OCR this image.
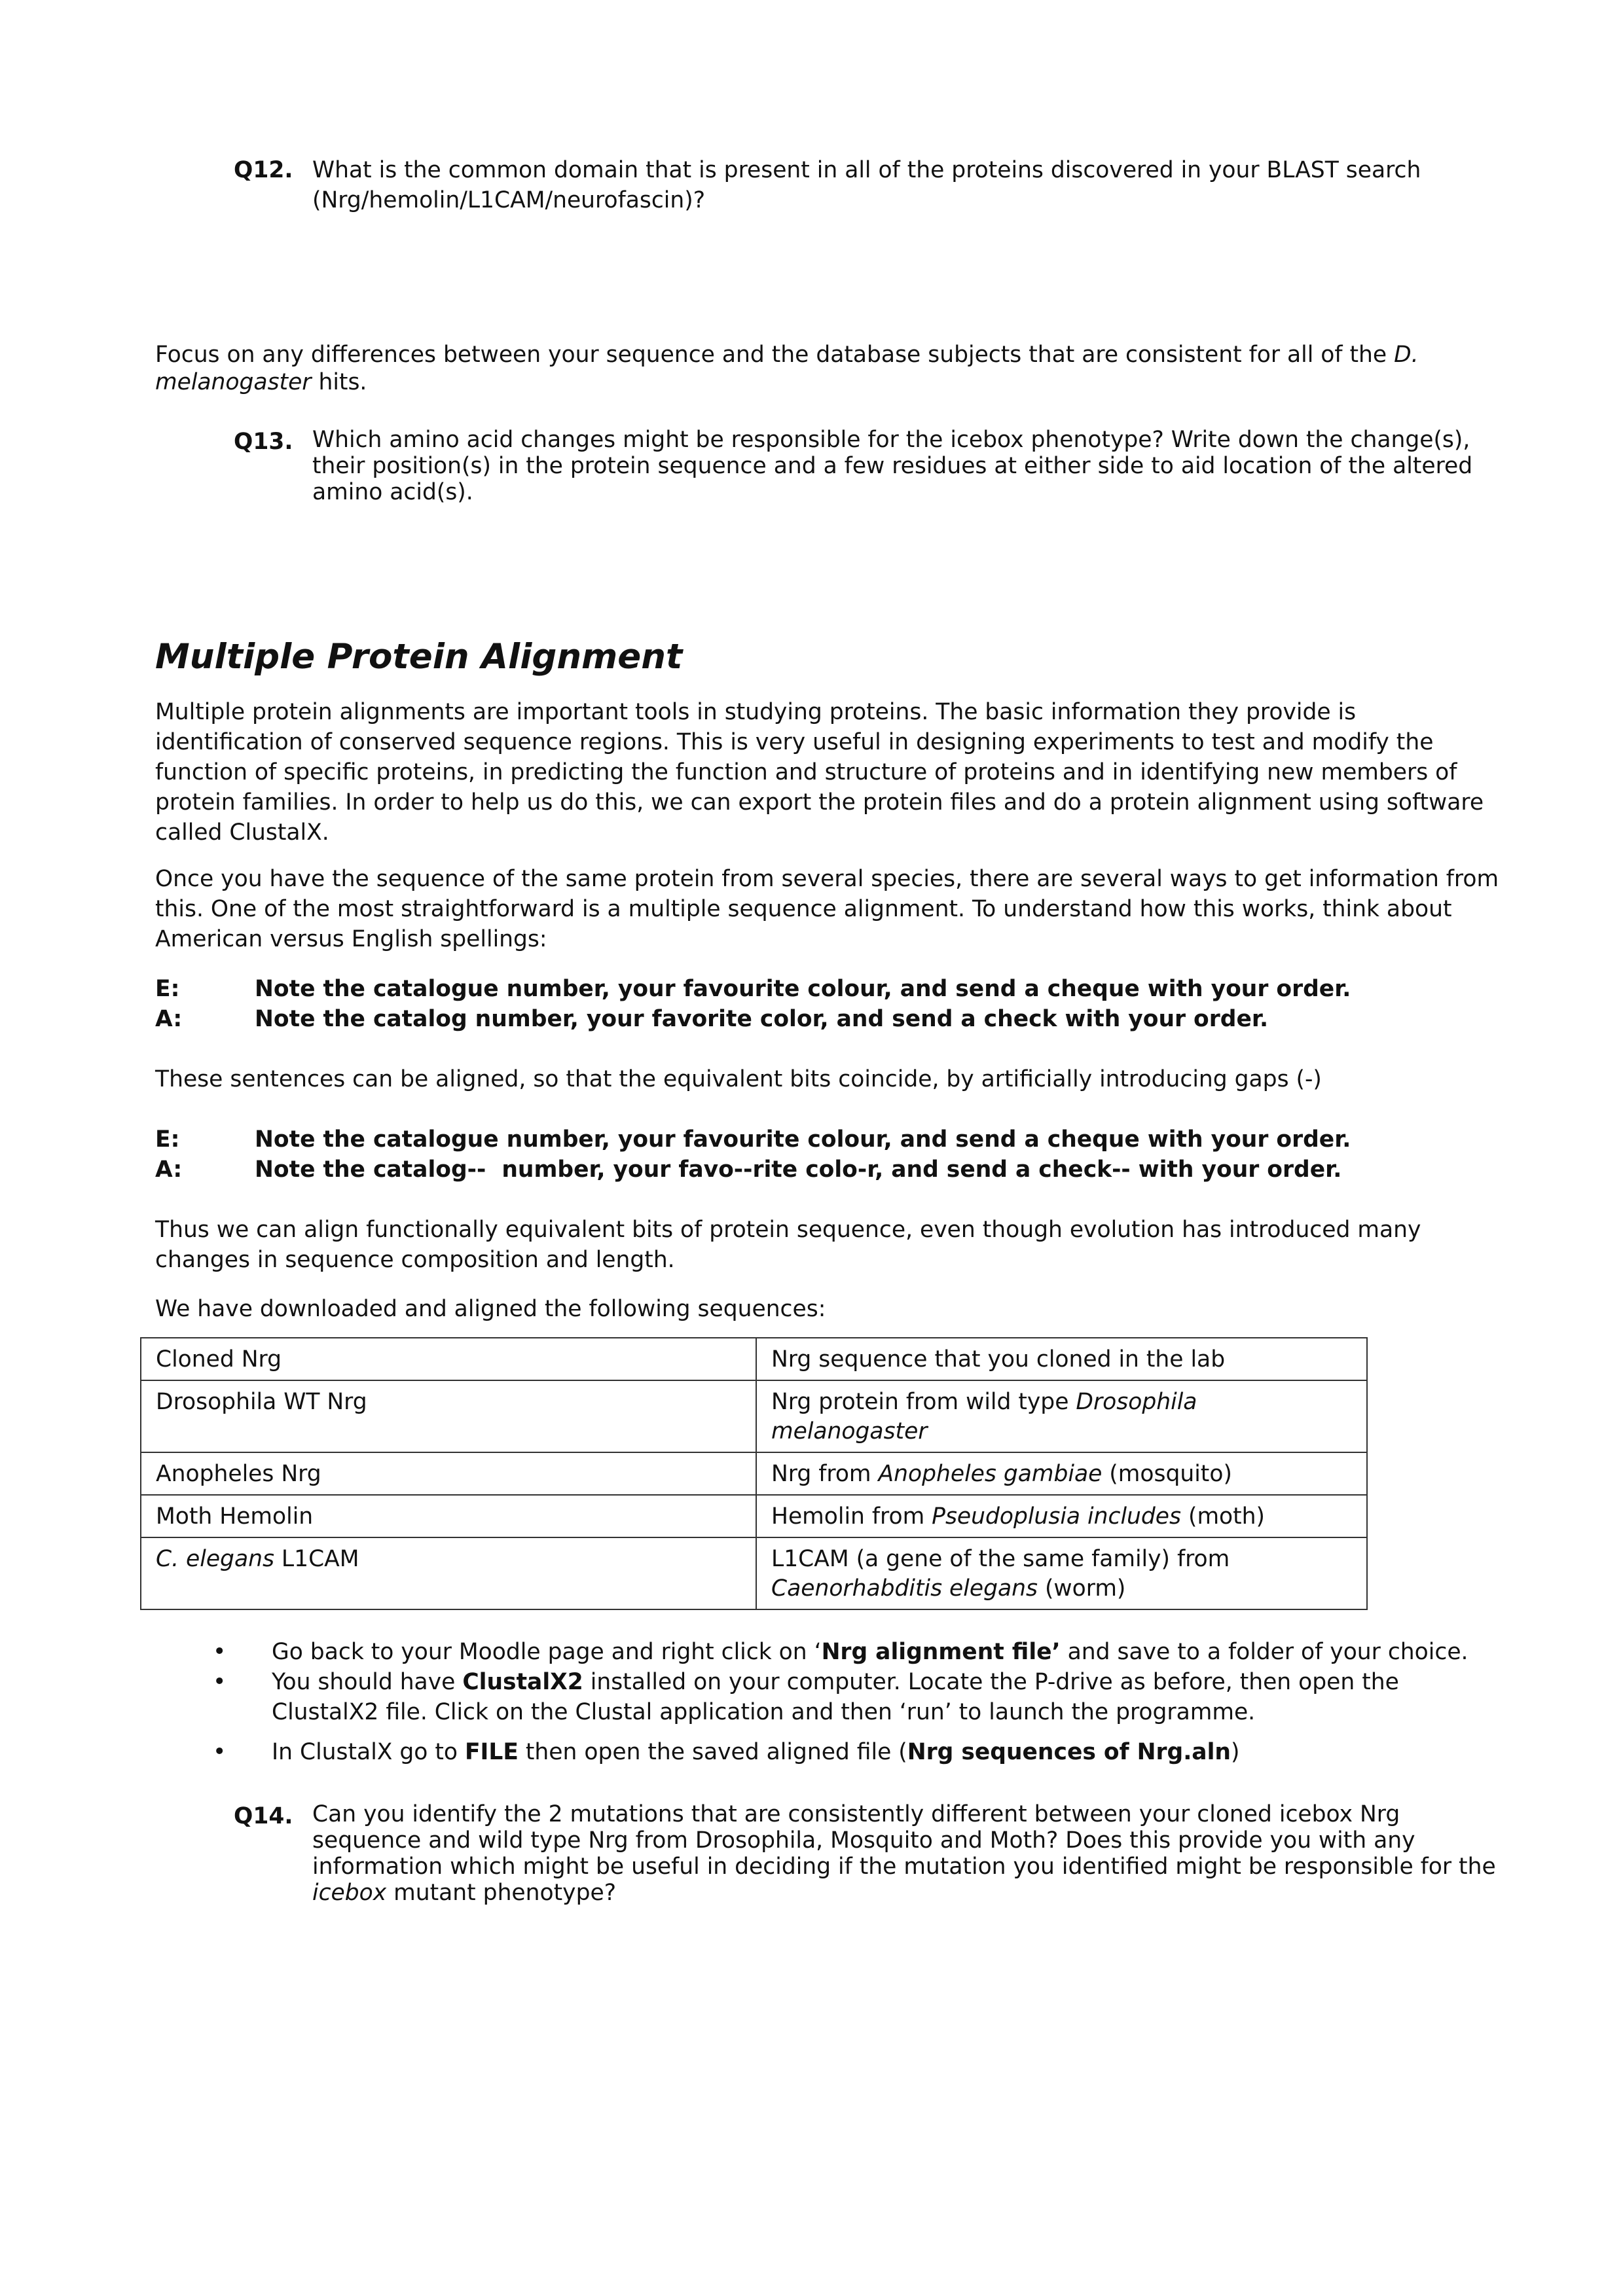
Q12. What is the common domain that is present in all of the proteins discovered in your BLAST search
(Nrg/hemolin/L1CAM/neurofascin)?
Focus on any differences between your sequence and the database subjects that are consistent for all of the D.
melanogaster hits.
Q13. Which amino acid changes might be responsible for the icebox phenotype? Write down the change(s),
their position(s) in the protein sequence and a few residues at either side to aid location of the altered
amino acid(s).
Multiple Protein Alignment
Multiple protein alignments are important tools in studying proteins. The basic information they provide is
identification of conserved sequence regions. This is very useful in designing experiments to test and modify the
function of specific proteins, in predicting the function and structure of proteins and in identifying new members of
protein families. In order to help us do this, we can export the protein files and do a protein alignment using software
called ClustalX.
Once you have the sequence of the same protein from several species, there are several ways to get information from
this. One of the most straightforward is a multiple sequence alignment. To understand how this works, think about
American versus English spellings:

E:

	Note the catalogue number, your favourite colour, and send a cheque with your order.

A:

	Note the catalog number, your favorite color, and send a check with your order.

These sentences can be aligned, so that the equivalent bits coincide, by artificially introducing gaps (-)

E:

	Note the catalogue number, your favourite colour, and send a cheque with your order.

A:

	Note the catalog--  number, your favo--rite colo-r, and send a check-- with your order.

Thus we can align functionally equivalent bits of protein sequence, even though evolution has introduced many
changes in sequence composition and length.
We have downloaded and aligned the following sequences:
Cloned Nrg	Nrg sequence that you cloned in the lab
Drosophila WT Nrg	Nrg protein from wild type Drosophila melanogaster
Anopheles Nrg	Nrg from Anopheles gambiae (mosquito)
Moth Hemolin	Hemolin from Pseudoplusia includes (moth)
C. elegans L1CAM	L1CAM (a gene of the same family) from
Caenorhabditis elegans (worm)
• Go back to your Moodle page and right click on ‘Nrg alignment file’ and save to a folder of your choice.
• You should have ClustalX2 installed on your computer. Locate the P-drive as before, then open the
ClustalX2 file. Click on the Clustal application and then ‘run’ to launch the programme.
• In ClustalX go to FILE then open the saved aligned file (Nrg sequences of Nrg.aln)
Q14. Can you identify the 2 mutations that are consistently different between your cloned icebox Nrg
sequence and wild type Nrg from Drosophila, Mosquito and Moth? Does this provide you with any
information which might be useful in deciding if the mutation you identified might be responsible for the
icebox mutant phenotype?
